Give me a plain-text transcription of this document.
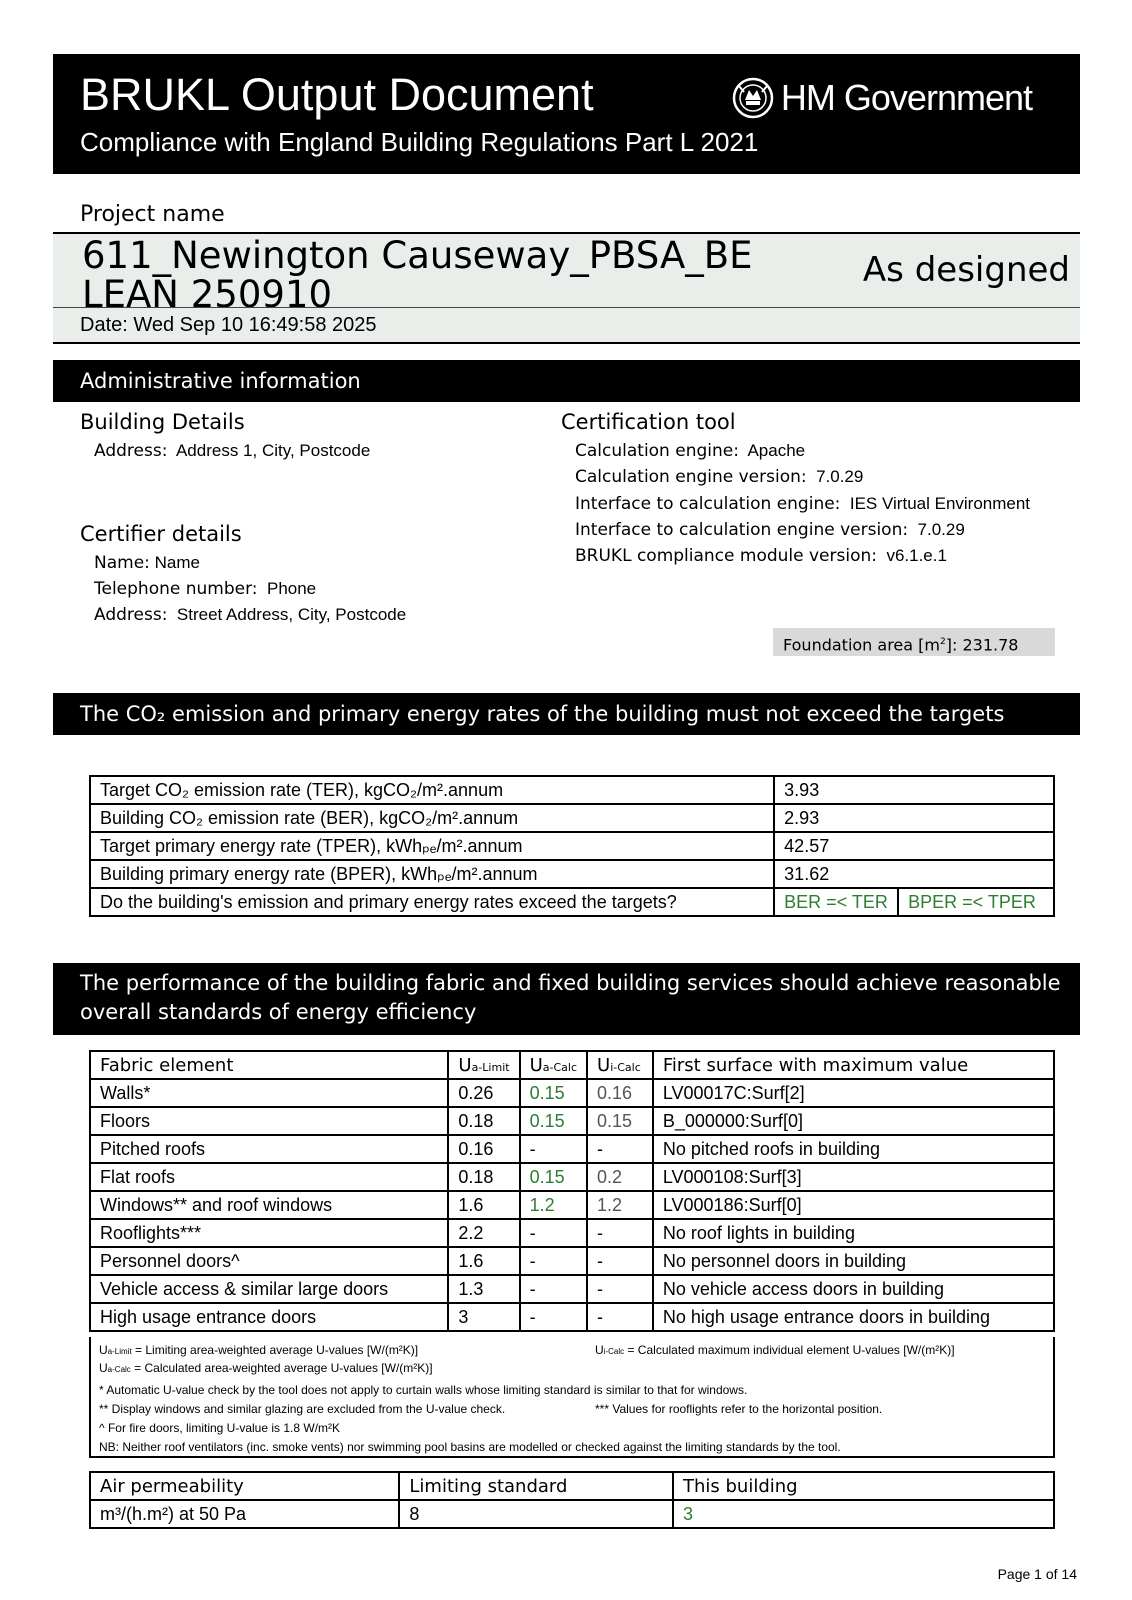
BRUKL Output Document
Compliance with England Building Regulations Part L 2021
HM Government
Project name
611_Newington Causeway_PBSA_BE LEAN 250910
As designed
Date: Wed Sep 10 16:49:58 2025
Administrative information
Building Details
Address: Address 1, City, Postcode
Certifier details
Name: Name
Telephone number: Phone
Address: Street Address, City, Postcode
Certification tool
Calculation engine: Apache
Calculation engine version: 7.0.29
Interface to calculation engine: IES Virtual Environment
Interface to calculation engine version: 7.0.29
BRUKL compliance module version: v6.1.e.1
Foundation area $[m^2]$: 231.78
The CO₂ emission and primary energy rates of the building must not exceed the targets
Target CO₂ emission rate (TER), kgCO₂/m².annum	3.93	
Building CO₂ emission rate (BER), kgCO₂/m².annum	2.93	
Target primary energy rate (TPER), kWhₚₑ/m².annum	42.57	
Building primary energy rate (BPER), kWhₚₑ/m².annum	31.62	
Do the building's emission and primary energy rates exceed the targets?	BER =< TER	BPER =< TPER
The performance of the building fabric and fixed building services should achieve reasonable overall standards of energy efficiency
Fabric element	Ua-Limit	Ua-Calc	Ui-Calc	First surface with maximum value
Walls*	0.26	0.15	0.16	LV00017C:Surf[2]
Floors	0.18	0.15	0.15	B_000000:Surf[0]
Pitched roofs	0.16	-	-	No pitched roofs in building
Flat roofs	0.18	0.15	0.2	LV000108:Surf[3]
Windows** and roof windows	1.6	1.2	1.2	LV000186:Surf[0]
Rooflights***	2.2	-	-	No roof lights in building
Personnel doors^	1.6	-	-	No personnel doors in building
Vehicle access & similar large doors	1.3	-	-	No vehicle access doors in building
High usage entrance doors	3	-	-	No high usage entrance doors in building
Ua-Limit = Limiting area-weighted average U-values [W/(m²K)]	Ui-Calc = Calculated maximum individual element U-values [W/(m²K)]
Ua-Calc = Calculated area-weighted average U-values [W/(m²K)]
* Automatic U-value check by the tool does not apply to curtain walls whose limiting standard is similar to that for windows.
** Display windows and similar glazing are excluded from the U-value check.	*** Values for rooflights refer to the horizontal position.
^ For fire doors, limiting U-value is 1.8 W/m²K
NB: Neither roof ventilators (inc. smoke vents) nor swimming pool basins are modelled or checked against the limiting standards by the tool.
Air permeability	Limiting standard	This building
m³/(h.m²) at 50 Pa	8	3
Page 1 of 14
